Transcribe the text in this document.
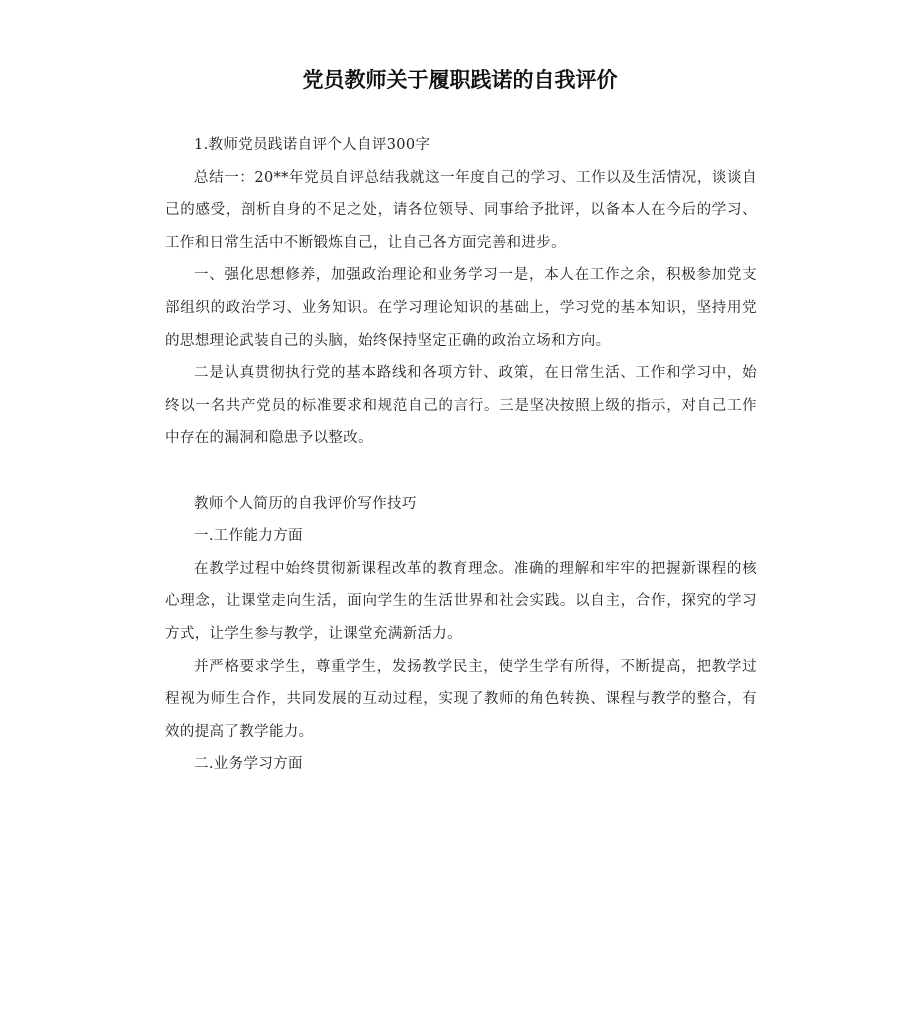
党员教师关于履职践诺的自我评价

1.教师党员践诺自评个人自评300字

总结一：20**年党员自评总结我就这一年度自己的学习、工作以及生活情况，谈谈自己的感受，剖析自身的不足之处，请各位领导、同事给予批评，以备本人在今后的学习、工作和日常生活中不断锻炼自己，让自己各方面完善和进步。

一、强化思想修养，加强政治理论和业务学习一是，本人在工作之余，积极参加党支部组织的政治学习、业务知识。在学习理论知识的基础上，学习党的基本知识，坚持用党的思想理论武装自己的头脑，始终保持坚定正确的政治立场和方向。

二是认真贯彻执行党的基本路线和各项方针、政策，在日常生活、工作和学习中，始终以一名共产党员的标准要求和规范自己的言行。三是坚决按照上级的指示，对自己工作中存在的漏洞和隐患予以整改。

教师个人简历的自我评价写作技巧

一.工作能力方面

在教学过程中始终贯彻新课程改革的教育理念。准确的理解和牢牢的把握新课程的核心理念，让课堂走向生活，面向学生的生活世界和社会实践。以自主，合作，探究的学习方式，让学生参与教学，让课堂充满新活力。

并严格要求学生，尊重学生，发扬教学民主，使学生学有所得，不断提高，把教学过程视为师生合作，共同发展的互动过程，实现了教师的角色转换、课程与教学的整合，有效的提高了教学能力。

二.业务学习方面
